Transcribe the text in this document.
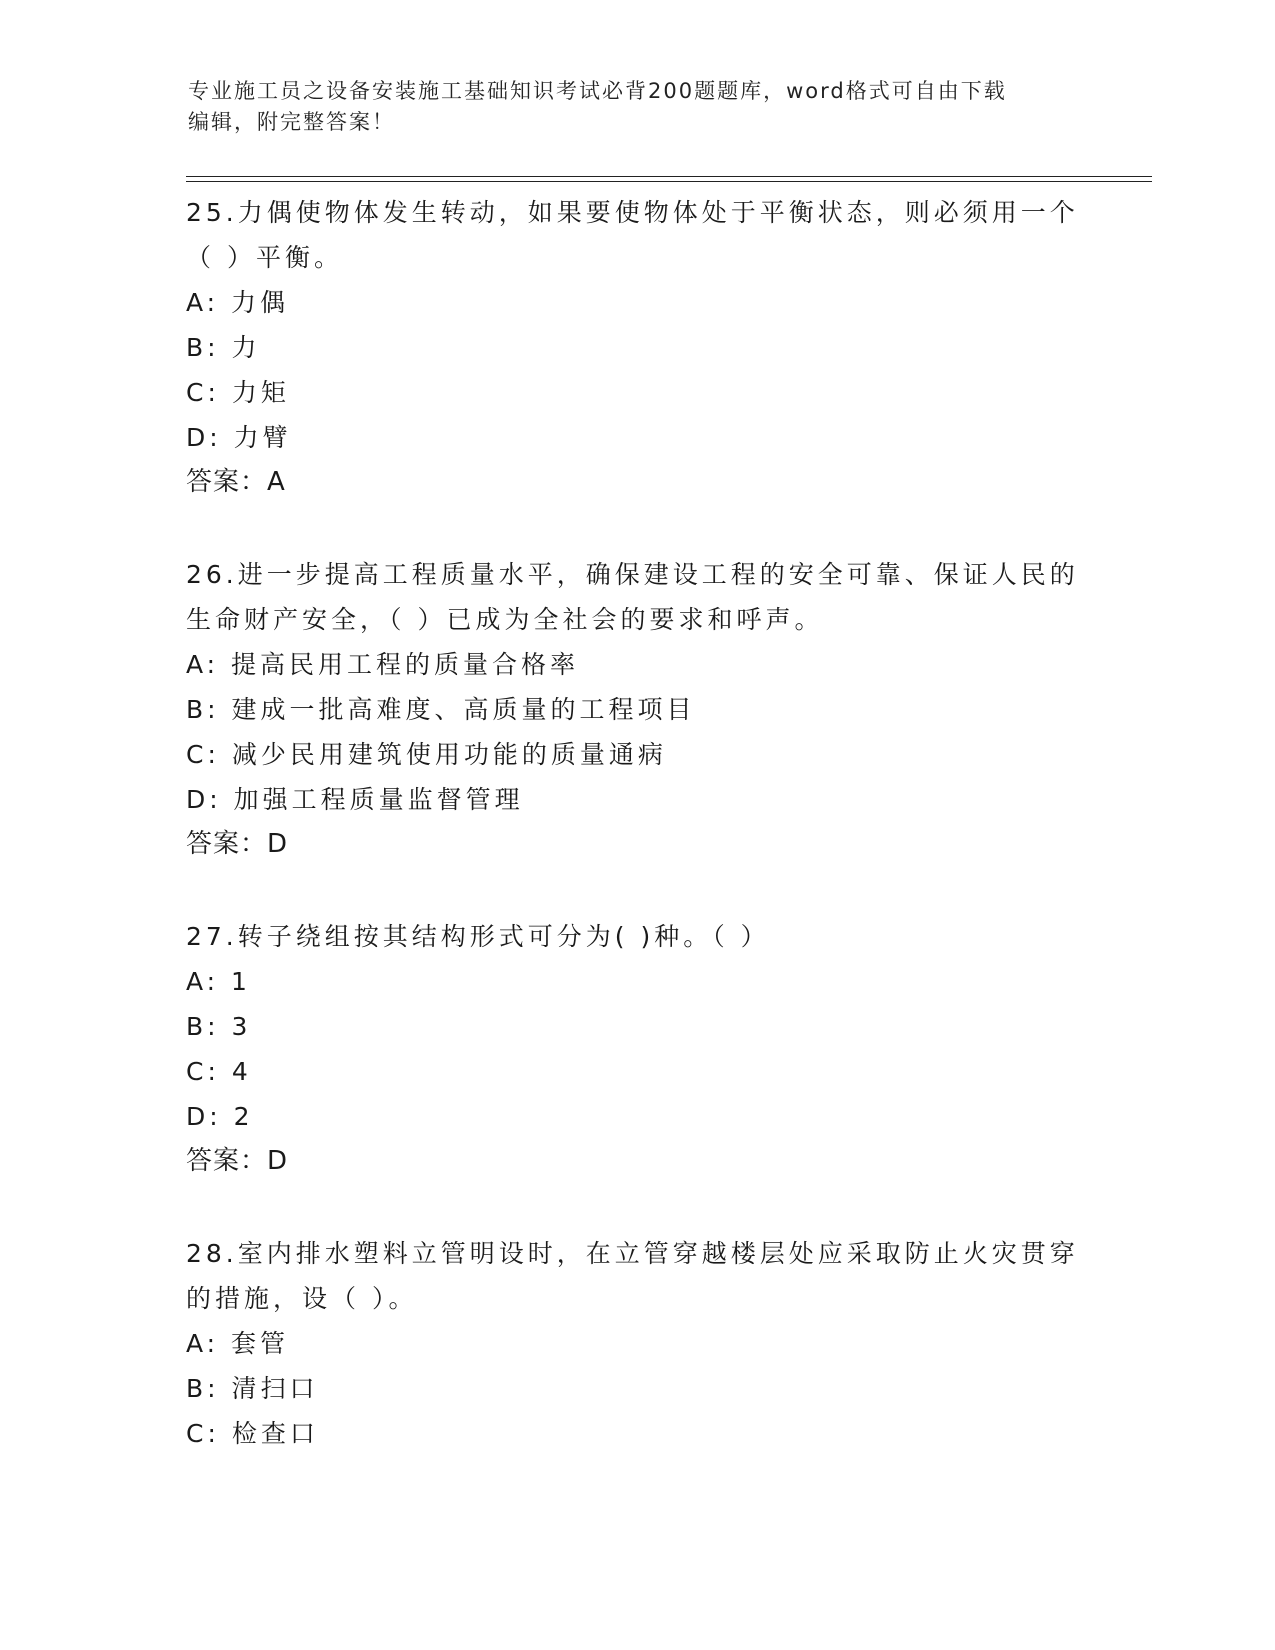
专业施工员之设备安装施工基础知识考试必背200题题库，word格式可自由下载
编辑，附完整答案！
25.力偶使物体发生转动，如果要使物体处于平衡状态，则必须用一个
（ ）平衡。
A: 力偶
B: 力
C: 力矩
D: 力臂
答案：A
26.进一步提高工程质量水平，确保建设工程的安全可靠、保证人民的
生命财产安全，（ ）已成为全社会的要求和呼声。
A: 提高民用工程的质量合格率
B: 建成一批高难度、高质量的工程项目
C: 减少民用建筑使用功能的质量通病
D: 加强工程质量监督管理
答案：D
27.转子绕组按其结构形式可分为( )种。（ ）
A: 1
B: 3
C: 4
D: 2
答案：D
28.室内排水塑料立管明设时，在立管穿越楼层处应采取防止火灾贯穿
的措施，设（ ）。
A: 套管
B: 清扫口
C: 检查口
